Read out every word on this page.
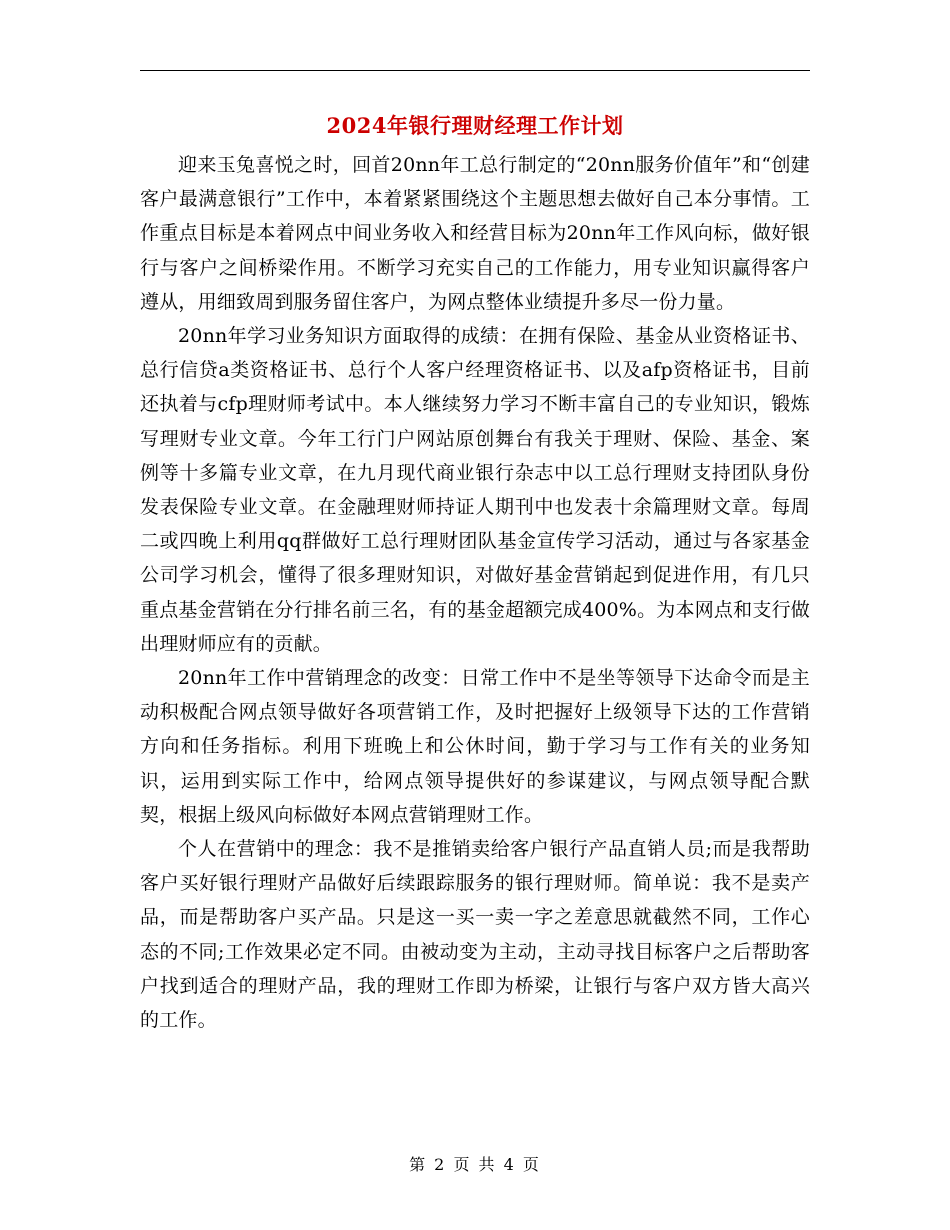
2024年银行理财经理工作计划

迎来玉兔喜悦之时，回首20nn年工总行制定的“20nn服务价值年”和“创建客户最满意银行”工作中，本着紧紧围绕这个主题思想去做好自己本分事情。工作重点目标是本着网点中间业务收入和经营目标为20nn年工作风向标，做好银行与客户之间桥梁作用。不断学习充实自己的工作能力，用专业知识赢得客户遵从，用细致周到服务留住客户，为网点整体业绩提升多尽一份力量。

20nn年学习业务知识方面取得的成绩：在拥有保险、基金从业资格证书、总行信贷a类资格证书、总行个人客户经理资格证书、以及afp资格证书，目前还执着与cfp理财师考试中。本人继续努力学习不断丰富自己的专业知识，锻炼写理财专业文章。今年工行门户网站原创舞台有我关于理财、保险、基金、案例等十多篇专业文章，在九月现代商业银行杂志中以工总行理财支持团队身份发表保险专业文章。在金融理财师持证人期刊中也发表十余篇理财文章。每周二或四晚上利用qq群做好工总行理财团队基金宣传学习活动，通过与各家基金公司学习机会，懂得了很多理财知识，对做好基金营销起到促进作用，有几只重点基金营销在分行排名前三名，有的基金超额完成400%。为本网点和支行做出理财师应有的贡献。

20nn年工作中营销理念的改变：日常工作中不是坐等领导下达命令而是主动积极配合网点领导做好各项营销工作，及时把握好上级领导下达的工作营销方向和任务指标。利用下班晚上和公休时间，勤于学习与工作有关的业务知识，运用到实际工作中，给网点领导提供好的参谋建议，与网点领导配合默契，根据上级风向标做好本网点营销理财工作。

个人在营销中的理念：我不是推销卖给客户银行产品直销人员;而是我帮助客户买好银行理财产品做好后续跟踪服务的银行理财师。简单说：我不是卖产品，而是帮助客户买产品。只是这一买一卖一字之差意思就截然不同，工作心态的不同;工作效果必定不同。由被动变为主动，主动寻找目标客户之后帮助客户找到适合的理财产品，我的理财工作即为桥梁，让银行与客户双方皆大高兴的工作。

第 2 页 共 4 页
